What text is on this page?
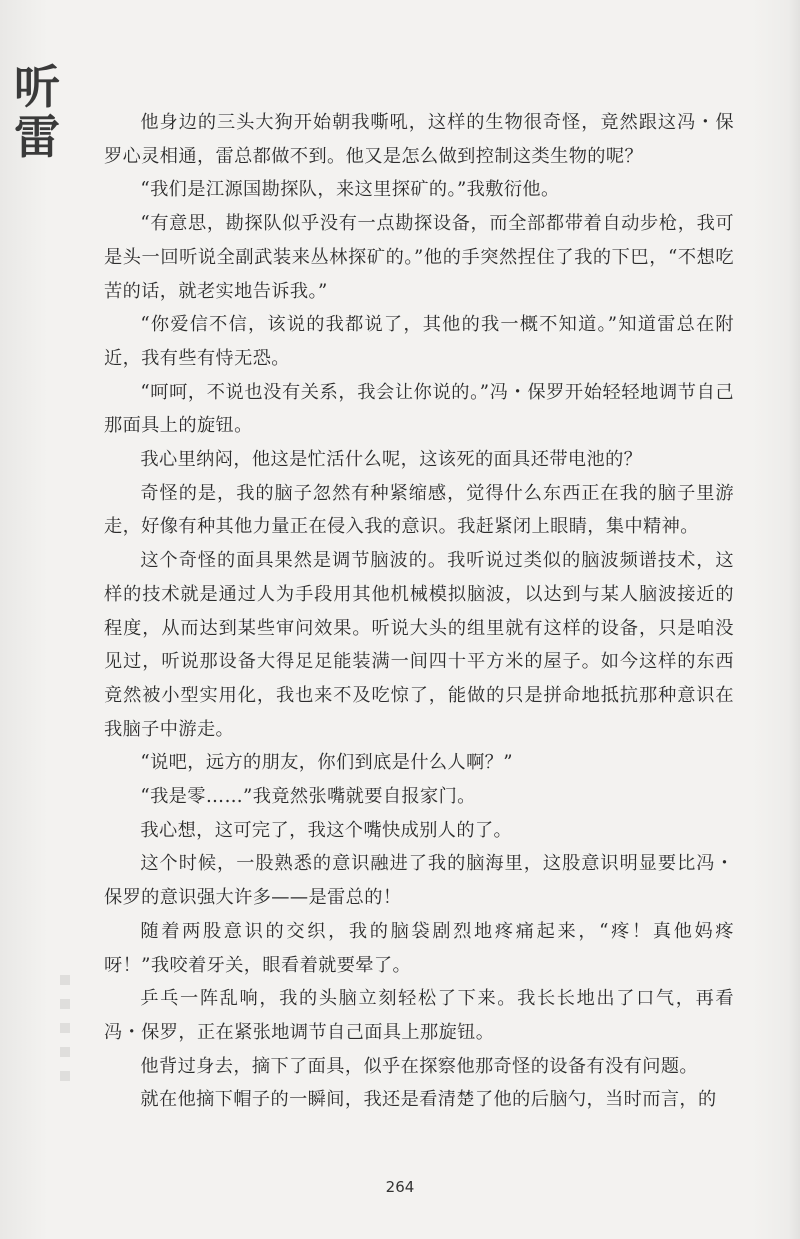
听
雷	他身边的三头大狗开始朝我嘶吼，这样的生物很奇怪，竟然跟这冯・保罗心灵相通，雷总都做不到。他又是怎么做到控制这类生物的呢？

“我们是江源国勘探队，来这里探矿的。”我敷衍他。

“有意思，勘探队似乎没有一点勘探设备，而全部都带着自动步枪，我可是头一回听说全副武装来丛林探矿的。”他的手突然捏住了我的下巴，“不想吃苦的话，就老实地告诉我。”

“你爱信不信，该说的我都说了，其他的我一概不知道。”知道雷总在附近，我有些有恃无恐。

“呵呵，不说也没有关系，我会让你说的。”冯・保罗开始轻轻地调节自己那面具上的旋钮。

我心里纳闷，他这是忙活什么呢，这该死的面具还带电池的？

奇怪的是，我的脑子忽然有种紧缩感，觉得什么东西正在我的脑子里游走，好像有种其他力量正在侵入我的意识。我赶紧闭上眼睛，集中精神。

这个奇怪的面具果然是调节脑波的。我听说过类似的脑波频谱技术，这样的技术就是通过人为手段用其他机械模拟脑波，以达到与某人脑波接近的程度，从而达到某些审问效果。听说大头的组里就有这样的设备，只是咱没见过，听说那设备大得足足能装满一间四十平方米的屋子。如今这样的东西竟然被小型实用化，我也来不及吃惊了，能做的只是拼命地抵抗那种意识在我脑子中游走。

“说吧，远方的朋友，你们到底是什么人啊？”

“我是零……”我竟然张嘴就要自报家门。

我心想，这可完了，我这个嘴快成别人的了。

这个时候，一股熟悉的意识融进了我的脑海里，这股意识明显要比冯・保罗的意识强大许多——是雷总的！

随着两股意识的交织，我的脑袋剧烈地疼痛起来，“疼！真他妈疼呀！”我咬着牙关，眼看着就要晕了。

乒乓一阵乱响，我的头脑立刻轻松了下来。我长长地出了口气，再看冯・保罗，正在紧张地调节自己面具上那旋钮。

他背过身去，摘下了面具，似乎在探察他那奇怪的设备有没有问题。

就在他摘下帽子的一瞬间，我还是看清楚了他的后脑勺，当时而言，的

264
